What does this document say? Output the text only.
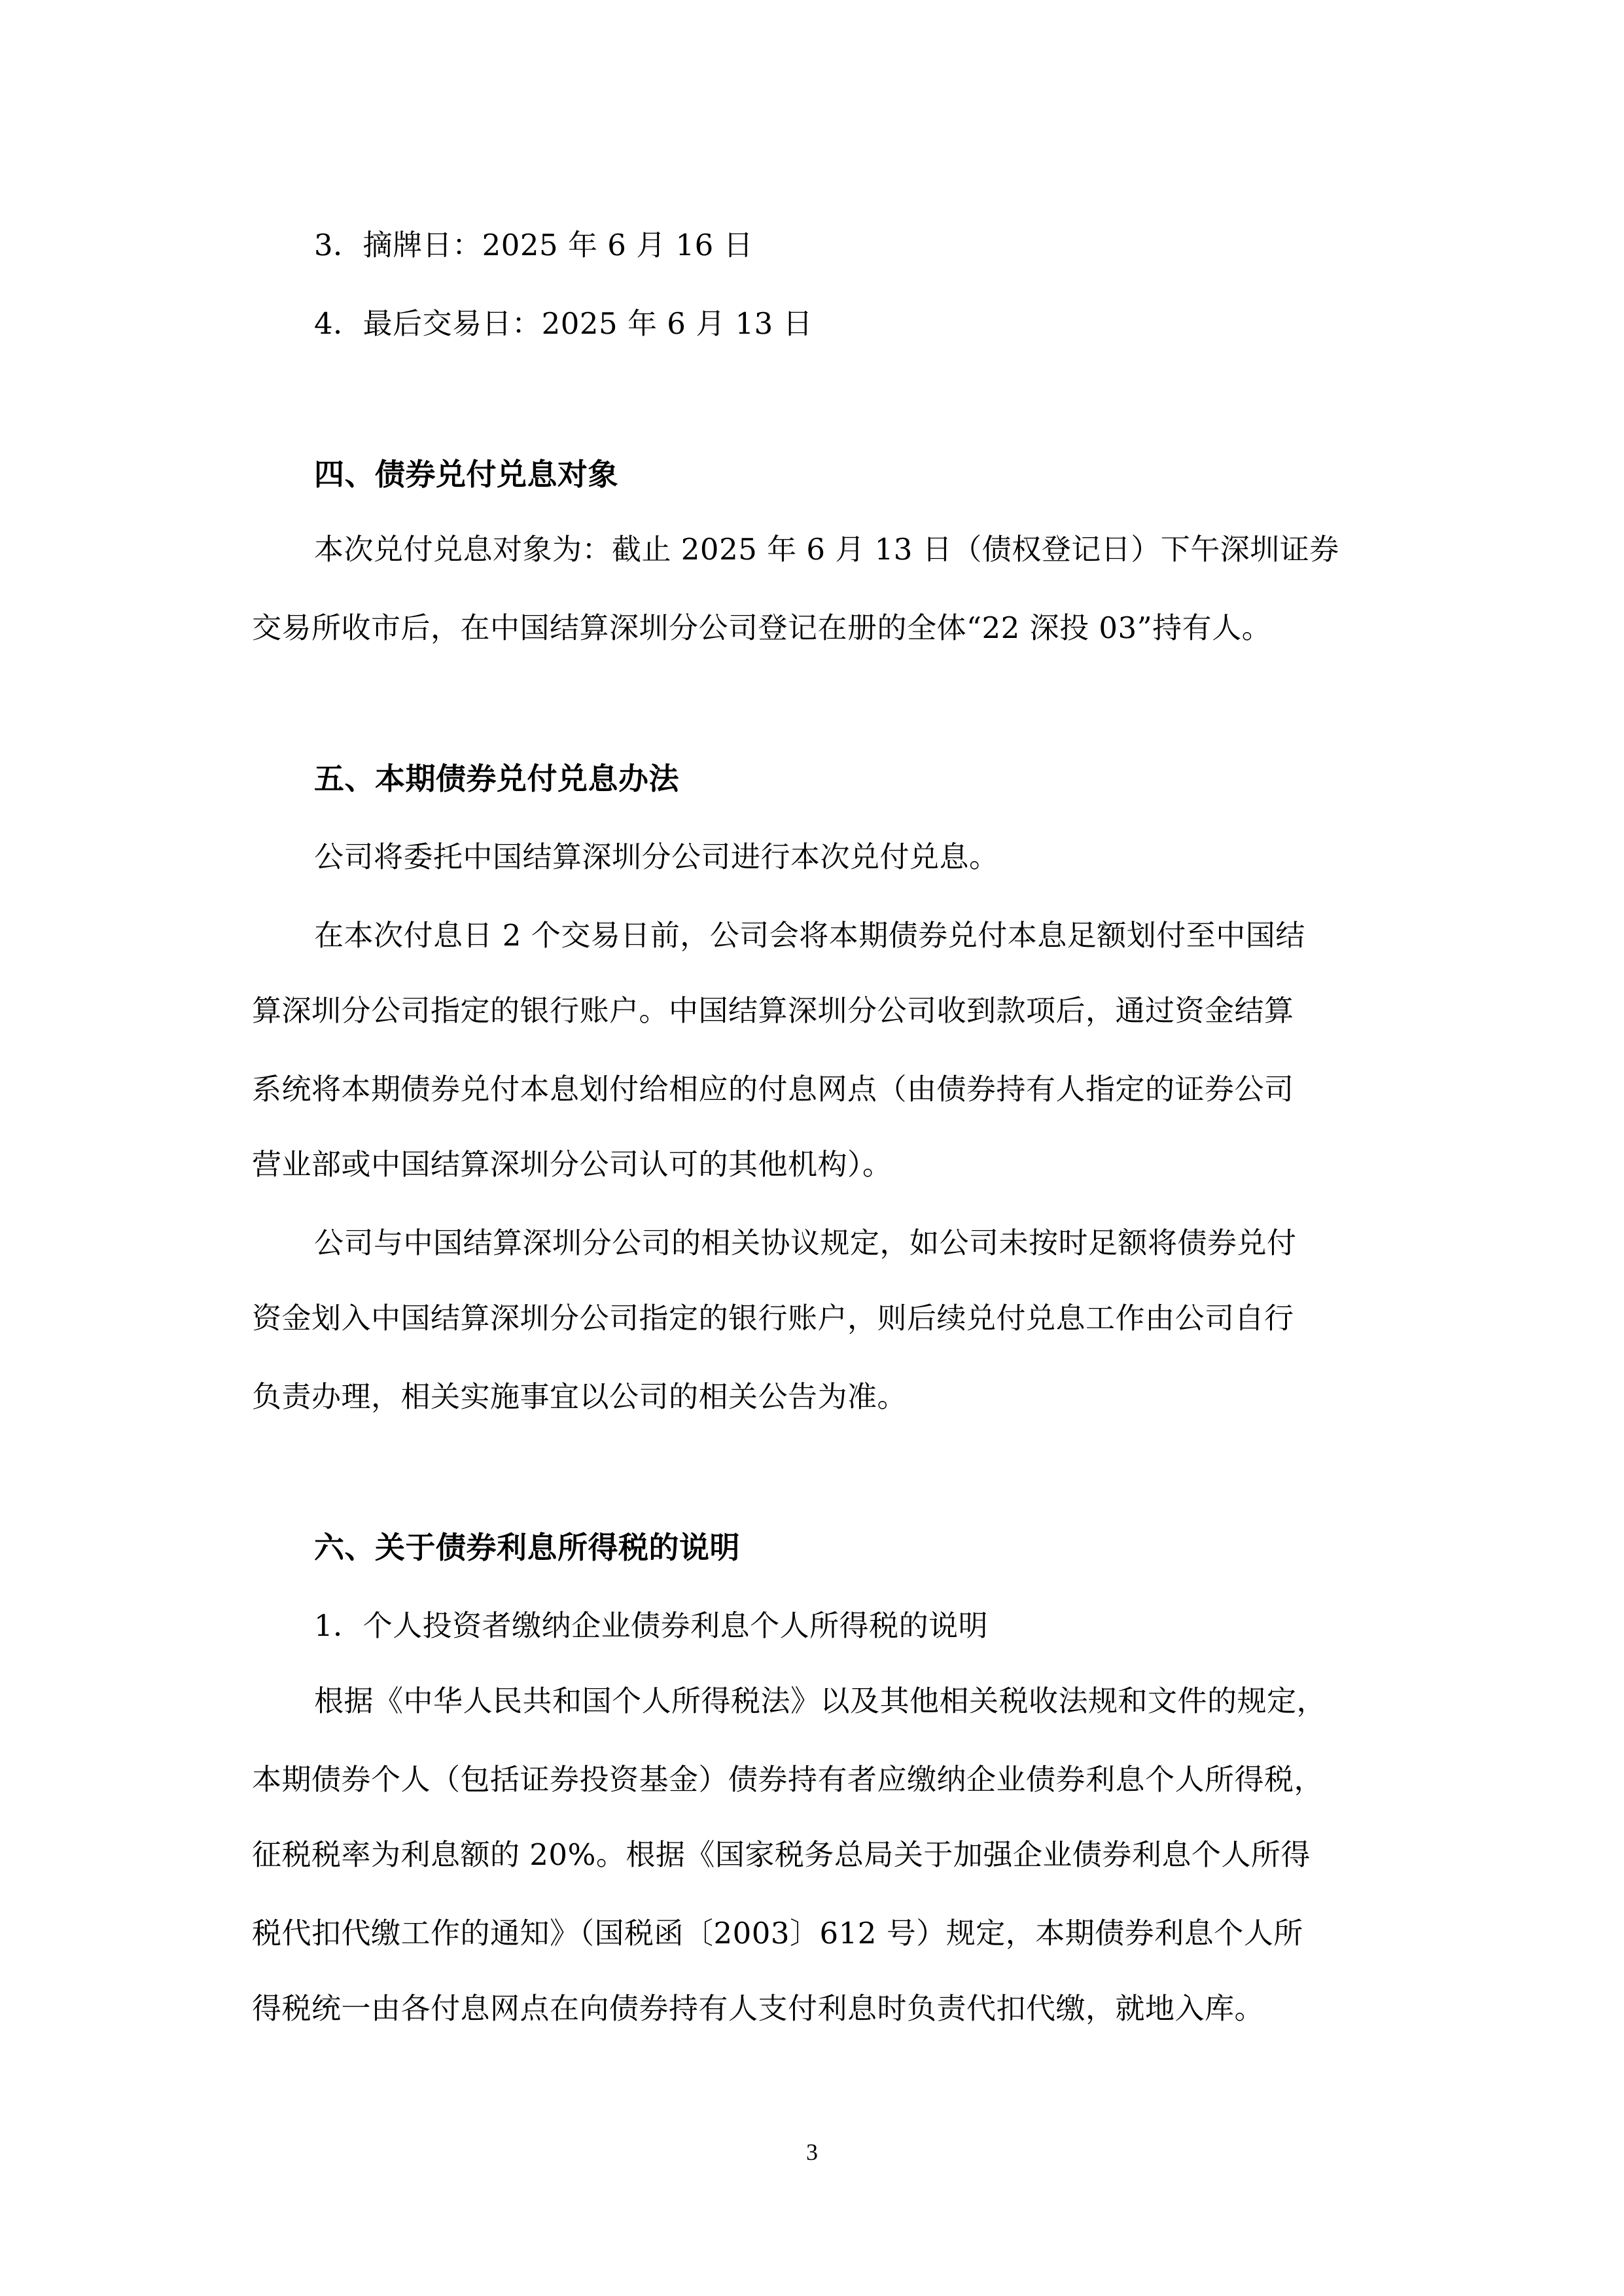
3．摘牌日：2025 年 6 月 16 日
4．最后交易日：2025 年 6 月 13 日
四、债券兑付兑息对象
本次兑付兑息对象为：截止 2025 年 6 月 13 日（债权登记日）下午深圳证券
交易所收市后，在中国结算深圳分公司登记在册的全体“22 深投 03”持有人。
五、本期债券兑付兑息办法
公司将委托中国结算深圳分公司进行本次兑付兑息。
在本次付息日 2 个交易日前，公司会将本期债券兑付本息足额划付至中国结
算深圳分公司指定的银行账户。中国结算深圳分公司收到款项后，通过资金结算
系统将本期债券兑付本息划付给相应的付息网点（由债券持有人指定的证券公司
营业部或中国结算深圳分公司认可的其他机构）。
公司与中国结算深圳分公司的相关协议规定，如公司未按时足额将债券兑付
资金划入中国结算深圳分公司指定的银行账户，则后续兑付兑息工作由公司自行
负责办理，相关实施事宜以公司的相关公告为准。
六、关于债券利息所得税的说明
1．个人投资者缴纳企业债券利息个人所得税的说明
根据《中华人民共和国个人所得税法》以及其他相关税收法规和文件的规定，
本期债券个人（包括证券投资基金）债券持有者应缴纳企业债券利息个人所得税，
征税税率为利息额的 20%。根据《国家税务总局关于加强企业债券利息个人所得
税代扣代缴工作的通知》（国税函〔2003〕612 号）规定，本期债券利息个人所
得税统一由各付息网点在向债券持有人支付利息时负责代扣代缴，就地入库。
3
